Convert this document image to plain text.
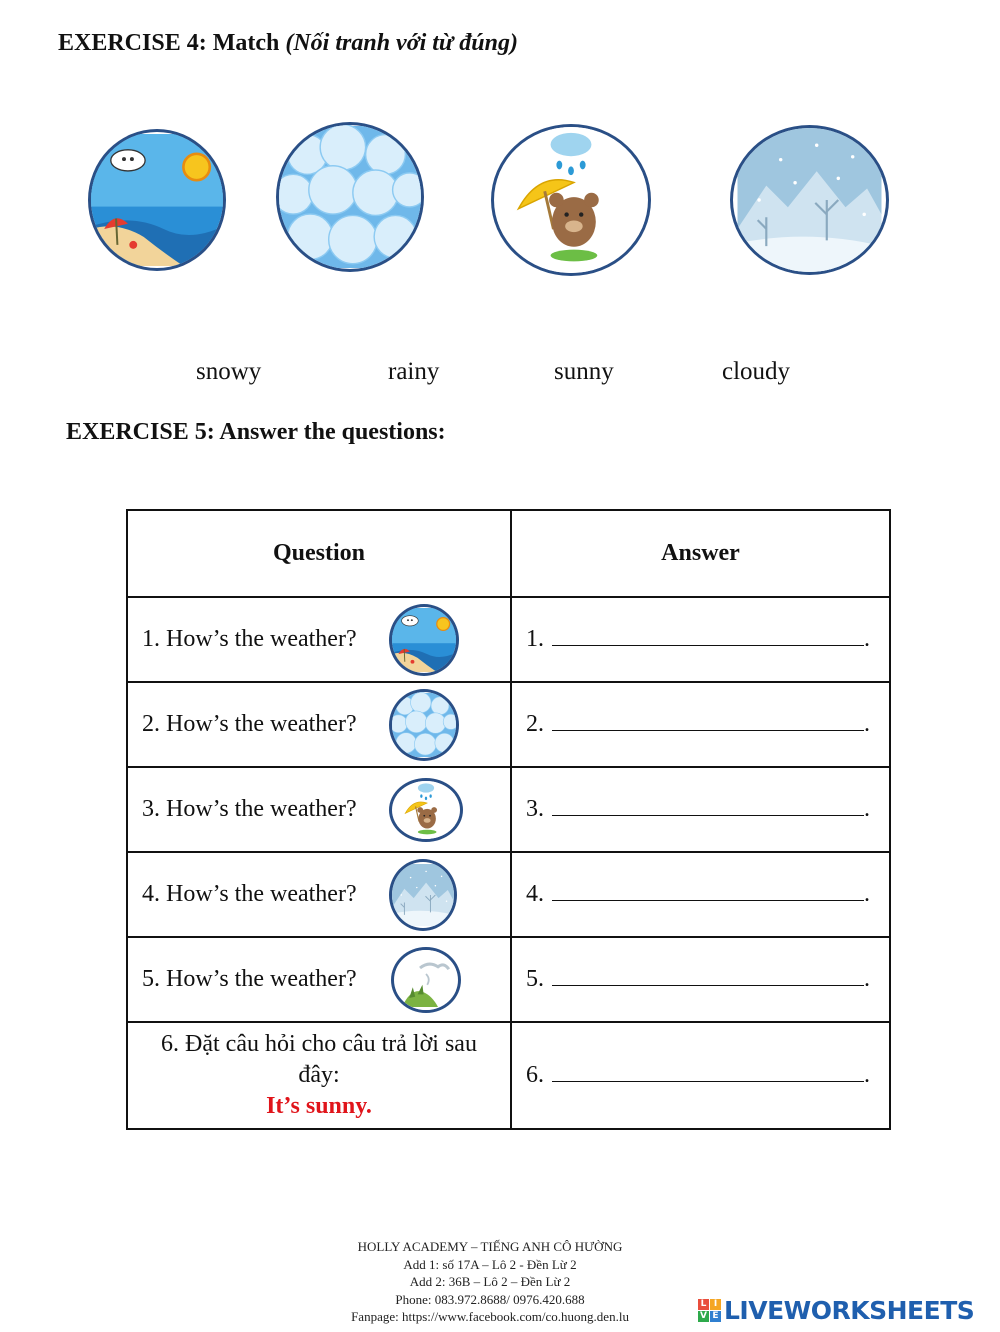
EXERCISE 4: Match (Nối tranh với từ đúng)
snowy	rainy	sunny	cloudy
EXERCISE 5: Answer the questions:
Question	Answer
1. How’s the weather?	1. .
2. How’s the weather?	2. .
3. How’s the weather?	3. .
4. How’s the weather?	4. .
5. How’s the weather?	5. .

6. Đặt câu hỏi cho câu trả lời sau
đây:
It’s sunny.	6. .
HOLLY ACADEMY – TIẾNG ANH CÔ HƯỜNG
Add 1: số 17A – Lô 2 - Đền Lừ 2
Add 2: 36B – Lô 2 – Đền Lừ 2
Phone: 083.972.8688/ 0976.420.688
Fanpage: https://www.facebook.com/co.huong.den.lu
L I
V E LIVEWORKSHEETS
